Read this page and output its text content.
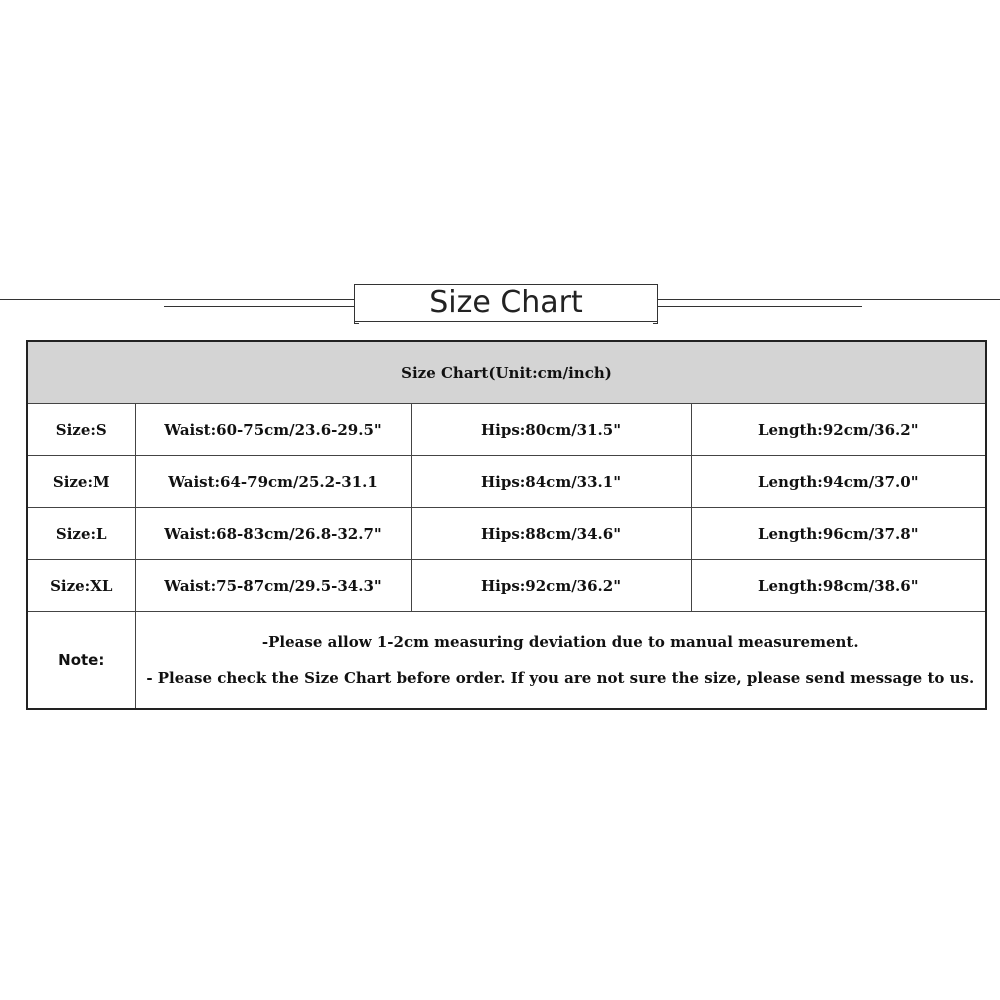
Size Chart
Size Chart(Unit:cm/inch)			
Size:S	Waist:60-75cm/23.6-29.5"	Hips:80cm/31.5"	Length:92cm/36.2"
Size:M	Waist:64-79cm/25.2-31.1	Hips:84cm/33.1"	Length:94cm/37.0"
Size:L	Waist:68-83cm/26.8-32.7"	Hips:88cm/34.6"	Length:96cm/37.8"
Size:XL	Waist:75-87cm/29.5-34.3"	Hips:92cm/36.2"	Length:98cm/38.6"
Note:	-Please allow 1-2cm measuring deviation due to manual measurement.
- Please check the Size Chart before order. If you are not sure the size, please send message to us.		
